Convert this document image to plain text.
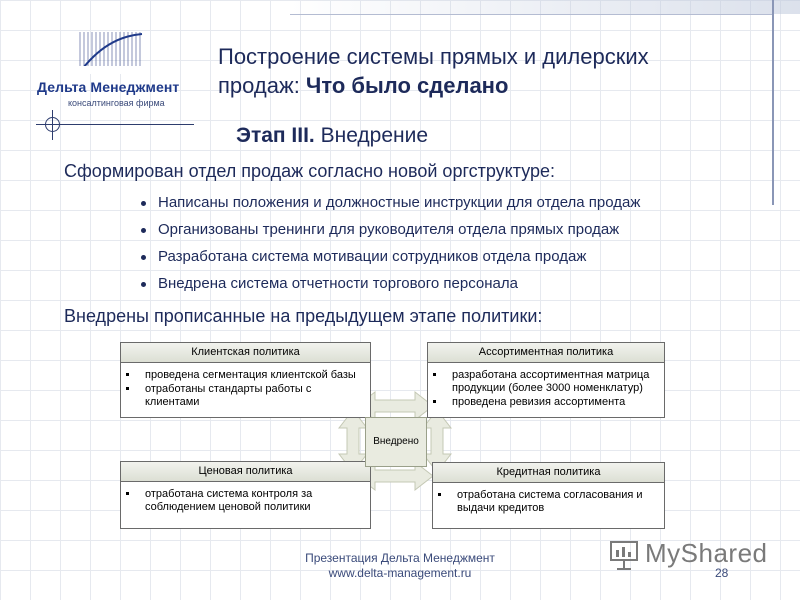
Дельта Менеджмент
консалтинговая фирма
Построение системы прямых и дилерских
продаж: Что было сделано
Этап III. Внедрение
Сформирован отдел продаж согласно новой оргструктуре:
Написаны положения и должностные инструкции для отдела продаж
Организованы тренинги для руководителя отдела прямых продаж
Разработана система мотивации сотрудников отдела продаж
Внедрена система отчетности торгового персонала
Внедрены прописанные на предыдущем этапе политики:
Клиентская политика
проведена сегментация клиентской базы
отработаны стандарты работы с клиентами
Ассортиментная политика
разработана ассортиментная матрица продукции (более 3000 номенклатур)
проведена ревизия ассортимента
Ценовая политика
отработана система контроля за соблюдением ценовой политики
Кредитная политика
отработана система согласования и выдачи кредитов
Внедрено
Презентация Дельта Менеджмент
www.delta-management.ru	28
MyShared
